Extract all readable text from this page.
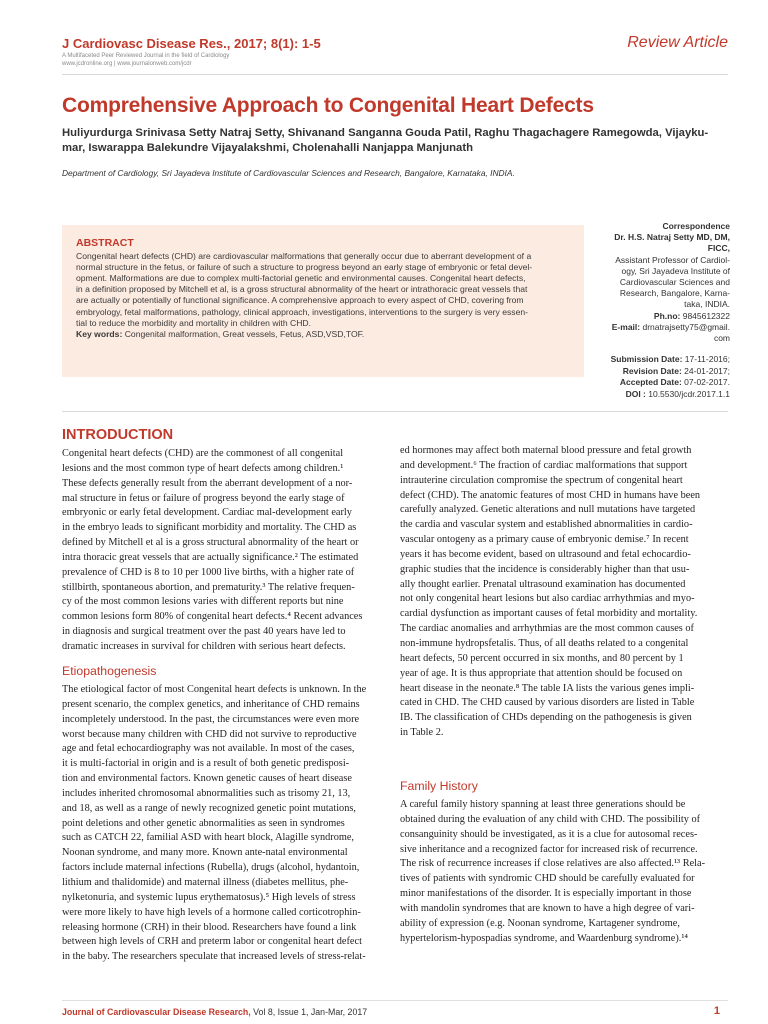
J Cardiovasc Disease Res., 2017; 8(1): 1-5
A Multifaceted Peer Reviewed Journal in the field of Cardiology
www.jcdronline.org | www.journalonweb.com/jcdr
Review Article
Comprehensive Approach to Congenital Heart Defects
Huliyurdurga Srinivasa Setty Natraj Setty, Shivanand Sanganna Gouda Patil, Raghu Thagachagere Ramegowda, Vijayku-
mar, Iswarappa Balekundre Vijayalakshmi, Cholenahalli Nanjappa Manjunath
Department of Cardiology, Sri Jayadeva Institute of Cardiovascular Sciences and Research, Bangalore, Karnataka, INDIA.
ABSTRACT
Congenital heart defects (CHD) are cardiovascular malformations that generally occur due to aberrant development of a
normal structure in the fetus, or failure of such a structure to progress beyond an early stage of embryonic or fetal devel-
opment. Malformations are due to complex multi-factorial genetic and environmental causes. Congenital heart defects,
in a definition proposed by Mitchell et al, is a gross structural abnormality of the heart or intrathoracic great vessels that
are actually or potentially of functional significance. A comprehensive approach to every aspect of CHD, covering from
embryology, fetal malformations, pathology, clinical approach, investigations, interventions to the surgery is very essen-
tial to reduce the morbidity and mortality in children with CHD.
Key words: Congenital malformation, Great vessels, Fetus, ASD,VSD,TOF.
Correspondence
Dr. H.S. Natraj Setty MD, DM,
FICC,
Assistant Professor of Cardiol-
ogy, Sri Jayadeva Institute of
Cardiovascular Sciences and
Research, Bangalore, Karna-
taka, INDIA.
Ph.no: 9845612322
E-mail: drnatrajsetty75@gmail.
com
Submission Date: 17-11-2016;
Revision Date: 24-01-2017;
Accepted Date: 07-02-2017.
DOI : 10.5530/jcdr.2017.1.1
INTRODUCTION
Congenital heart defects (CHD) are the commonest of all congenital
lesions and the most common type of heart defects among children.¹
These defects generally result from the aberrant development of a nor-
mal structure in fetus or failure of progress beyond the early stage of
embryonic or early fetal development. Cardiac mal-development early
in the embryo leads to significant morbidity and mortality. The CHD as
defined by Mitchell et al is a gross structural abnormality of the heart or
intra thoracic great vessels that are actually significance.² The estimated
prevalence of CHD is 8 to 10 per 1000 live births, with a higher rate of
stillbirth, spontaneous abortion, and prematurity.³ The relative frequen-
cy of the most common lesions varies with different reports but nine
common lesions form 80% of congenital heart defects.⁴ Recent advances
in diagnosis and surgical treatment over the past 40 years have led to
dramatic increases in survival for children with serious heart defects.
Etiopathogenesis
The etiological factor of most Congenital heart defects is unknown. In the
present scenario, the complex genetics, and inheritance of CHD remains
incompletely understood. In the past, the circumstances were even more
worst because many children with CHD did not survive to reproductive
age and fetal echocardiography was not available. In most of the cases,
it is multi-factorial in origin and is a result of both genetic predisposi-
tion and environmental factors. Known genetic causes of heart disease
includes inherited chromosomal abnormalities such as trisomy 21, 13,
and 18, as well as a range of newly recognized genetic point mutations,
point deletions and other genetic abnormalities as seen in syndromes
such as CATCH 22, familial ASD with heart block, Alagille syndrome,
Noonan syndrome, and many more. Known ante-natal environmental
factors include maternal infections (Rubella), drugs (alcohol, hydantoin,
lithium and thalidomide) and maternal illness (diabetes mellitus, phe-
nylketonuria, and systemic lupus erythematosus).⁵ High levels of stress
were more likely to have high levels of a hormone called corticotrophin-
releasing hormone (CRH) in their blood. Researchers have found a link
between high levels of CRH and preterm labor or congenital heart defect
in the baby. The researchers speculate that increased levels of stress-relat-
ed hormones may affect both maternal blood pressure and fetal growth
and development.⁶ The fraction of cardiac malformations that support
intrauterine circulation compromise the spectrum of congenital heart
defect (CHD). The anatomic features of most CHD in humans have been
carefully analyzed. Genetic alterations and null mutations have targeted
the cardia and vascular system and established abnormalities in cardio-
vascular ontogeny as a primary cause of embryonic demise.⁷ In recent
years it has become evident, based on ultrasound and fetal echocardio-
graphic studies that the incidence is considerably higher than that usu-
ally thought earlier. Prenatal ultrasound examination has documented
not only congenital heart lesions but also cardiac arrhythmias and myo-
cardial dysfunction as important causes of fetal morbidity and mortality.
The cardiac anomalies and arrhythmias are the most common causes of
non-immune hydropsfetalis. Thus, of all deaths related to a congenital
heart defects, 50 percent occurred in six months, and 80 percent by 1
year of age. It is thus appropriate that attention should be focused on
heart disease in the neonate.⁸ The table IA lists the various genes impli-
cated in CHD. The CHD caused by various disorders are listed in Table
IB. The classification of CHDs depending on the pathogenesis is given
in Table 2.
Family History
A careful family history spanning at least three generations should be
obtained during the evaluation of any child with CHD. The possibility of
consanguinity should be investigated, as it is a clue for autosomal reces-
sive inheritance and a recognized factor for increased risk of recurrence.
The risk of recurrence increases if close relatives are also affected.¹³ Rela-
tives of patients with syndromic CHD should be carefully evaluated for
minor manifestations of the disorder. It is especially important in those
with mandolin syndromes that are known to have a high degree of vari-
ability of expression (e.g. Noonan syndrome, Kartagener syndrome,
hypertelorism-hypospadias syndrome, and Waardenburg syndrome).¹⁴
Journal of Cardiovascular Disease Research, Vol 8, Issue 1, Jan-Mar, 2017	1
